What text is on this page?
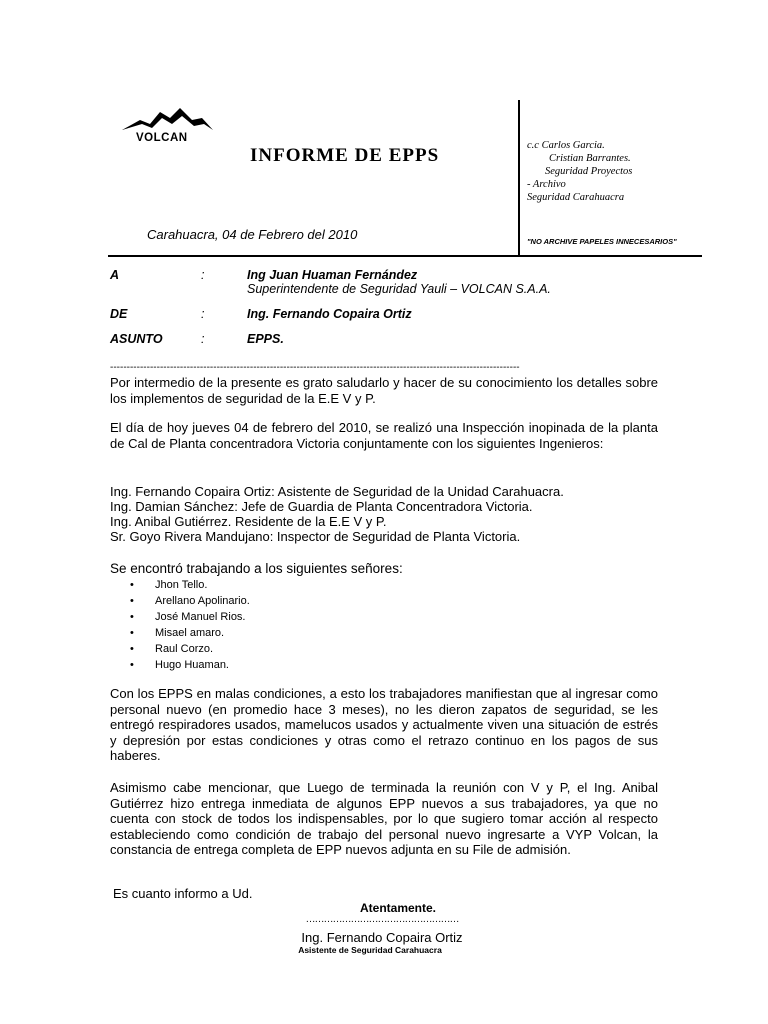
VOLCAN
INFORME DE EPPS
Carahuacra, 04 de Febrero del 2010
c.c Carlos Garcia.
Cristian Barrantes.
Seguridad Proyectos
- Archivo
Seguridad Carahuacra
"NO ARCHIVE PAPELES INNECESARIOS"
A	:	Ing Juan Huaman Fernández
Superintendente de Seguridad Yauli – VOLCAN S.A.A.
DE	:	Ing. Fernando Copaira Ortiz
ASUNTO	:	EPPS.
---------------------------------------------------------------------------------------------------------------------------
Por intermedio de la presente es grato saludarlo y hacer de su conocimiento los detalles sobre los implementos de seguridad de la E.E V y P.
El día de hoy jueves 04 de febrero del 2010, se realizó una Inspección inopinada de la planta de Cal de Planta concentradora Victoria conjuntamente con los siguientes Ingenieros:
Ing. Fernando Copaira Ortiz: Asistente de Seguridad de la Unidad Carahuacra.
Ing. Damian Sánchez: Jefe de Guardia de Planta Concentradora Victoria.
Ing. Anibal Gutiérrez. Residente de la E.E V y P.
Sr. Goyo Rivera Mandujano: Inspector de Seguridad de Planta Victoria.
Se encontró trabajando a los siguientes señores:
• Jhon Tello.
• Arellano Apolinario.
• José Manuel Rios.
• Misael amaro.
• Raul Corzo.
• Hugo Huaman.
Con los EPPS en malas condiciones, a esto los trabajadores manifiestan que al ingresar como personal nuevo (en promedio hace 3 meses), no les dieron zapatos de seguridad, se les entregó respiradores usados, mamelucos usados y actualmente viven una situación de estrés y depresión por estas condiciones y otras como el retrazo continuo en los pagos de sus haberes.
Asimismo cabe mencionar, que Luego de terminada la reunión con V y P, el Ing. Anibal Gutiérrez hizo entrega inmediata de algunos EPP nuevos a sus trabajadores, ya que no cuenta con stock de todos los indispensables, por lo que sugiero tomar acción al respecto estableciendo como condición de trabajo del personal nuevo ingresarte a VYP Volcan, la constancia de entrega completa de EPP nuevos adjunta en su File de admisión.
Es cuanto informo a Ud.
Atentamente.
……………………………………………
Ing. Fernando Copaira Ortiz
Asistente de Seguridad Carahuacra
